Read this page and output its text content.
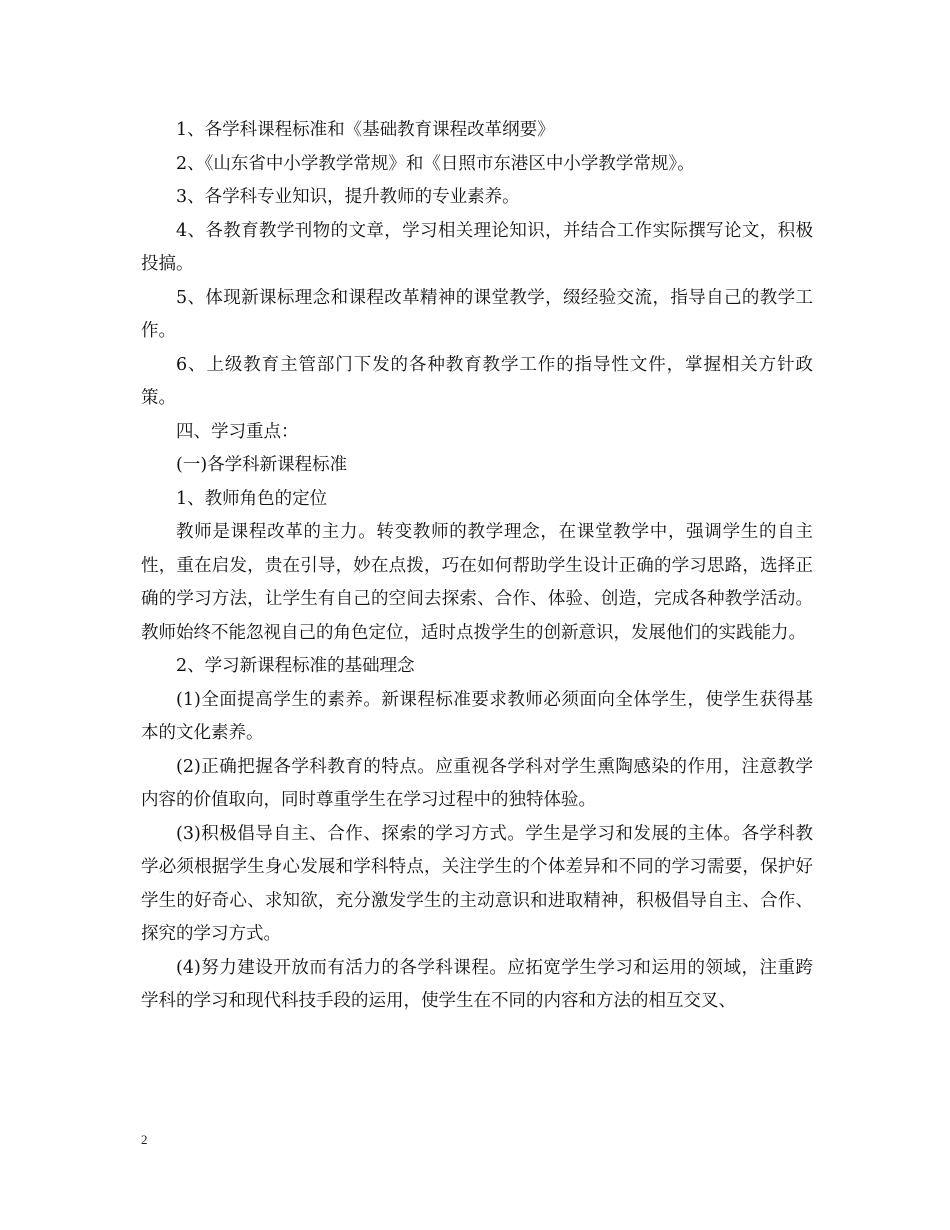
1、各学科课程标准和《基础教育课程改革纲要》

2、《山东省中小学教学常规》和《日照市东港区中小学教学常规》。

3、各学科专业知识，提升教师的专业素养。

4、各教育教学刊物的文章，学习相关理论知识，并结合工作实际撰写论文，积极投搞。

5、体现新课标理念和课程改革精神的课堂教学，缀经验交流，指导自己的教学工作。

6、上级教育主管部门下发的各种教育教学工作的指导性文件，掌握相关方针政策。

四、学习重点：

(一)各学科新课程标准

1、教师角色的定位

教师是课程改革的主力。转变教师的教学理念，在课堂教学中，强调学生的自主性，重在启发，贵在引导，妙在点拨，巧在如何帮助学生设计正确的学习思路，选择正确的学习方法，让学生有自己的空间去探索、合作、体验、创造，完成各种教学活动。教师始终不能忽视自己的角色定位，适时点拨学生的创新意识，发展他们的实践能力。

2、学习新课程标准的基础理念

(1)全面提高学生的素养。新课程标准要求教师必须面向全体学生，使学生获得基本的文化素养。

(2)正确把握各学科教育的特点。应重视各学科对学生熏陶感染的作用，注意教学内容的价值取向，同时尊重学生在学习过程中的独特体验。

(3)积极倡导自主、合作、探索的学习方式。学生是学习和发展的主体。各学科教学必须根据学生身心发展和学科特点，关注学生的个体差异和不同的学习需要，保护好学生的好奇心、求知欲，充分激发学生的主动意识和进取精神，积极倡导自主、合作、探究的学习方式。

(4)努力建设开放而有活力的各学科课程。应拓宽学生学习和运用的领域，注重跨学科的学习和现代科技手段的运用，使学生在不同的内容和方法的相互交叉、

2
